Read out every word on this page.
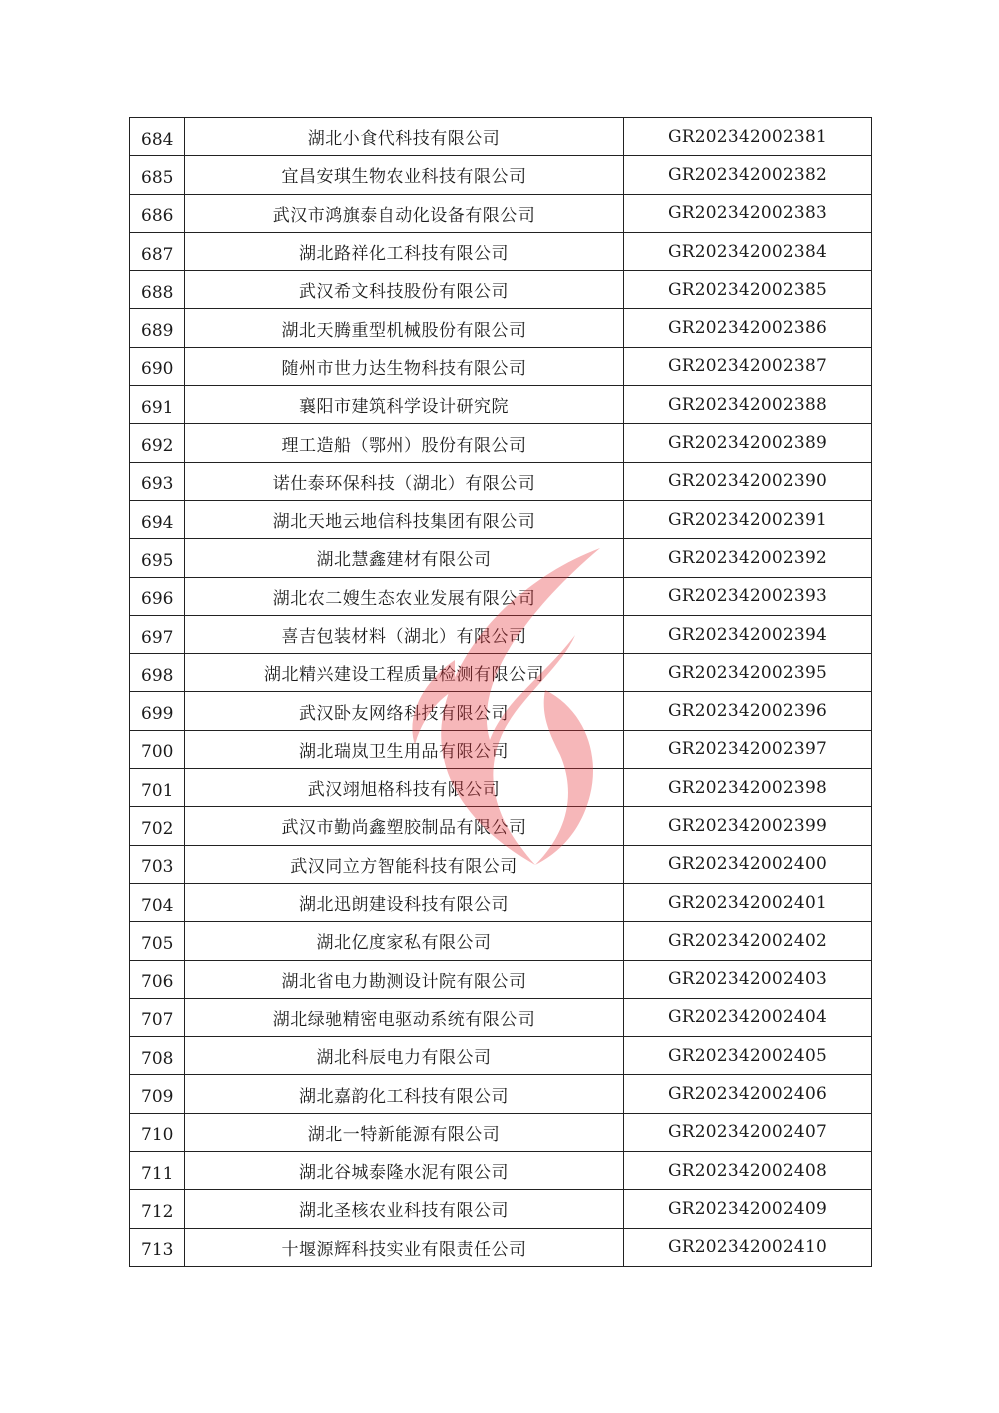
684	湖北小食代科技有限公司	GR202342002381
685	宜昌安琪生物农业科技有限公司	GR202342002382
686	武汉市鸿旗泰自动化设备有限公司	GR202342002383
687	湖北路祥化工科技有限公司	GR202342002384
688	武汉希文科技股份有限公司	GR202342002385
689	湖北天腾重型机械股份有限公司	GR202342002386
690	随州市世力达生物科技有限公司	GR202342002387
691	襄阳市建筑科学设计研究院	GR202342002388
692	理工造船（鄂州）股份有限公司	GR202342002389
693	诺仕泰环保科技（湖北）有限公司	GR202342002390
694	湖北天地云地信科技集团有限公司	GR202342002391
695	湖北慧鑫建材有限公司	GR202342002392
696	湖北农二嫂生态农业发展有限公司	GR202342002393
697	喜吉包装材料（湖北）有限公司	GR202342002394
698	湖北精兴建设工程质量检测有限公司	GR202342002395
699	武汉卧友网络科技有限公司	GR202342002396
700	湖北瑞岚卫生用品有限公司	GR202342002397
701	武汉翊旭格科技有限公司	GR202342002398
702	武汉市勤尚鑫塑胶制品有限公司	GR202342002399
703	武汉同立方智能科技有限公司	GR202342002400
704	湖北迅朗建设科技有限公司	GR202342002401
705	湖北亿度家私有限公司	GR202342002402
706	湖北省电力勘测设计院有限公司	GR202342002403
707	湖北绿驰精密电驱动系统有限公司	GR202342002404
708	湖北科辰电力有限公司	GR202342002405
709	湖北嘉韵化工科技有限公司	GR202342002406
710	湖北一特新能源有限公司	GR202342002407
711	湖北谷城泰隆水泥有限公司	GR202342002408
712	湖北圣核农业科技有限公司	GR202342002409
713	十堰源辉科技实业有限责任公司	GR202342002410
